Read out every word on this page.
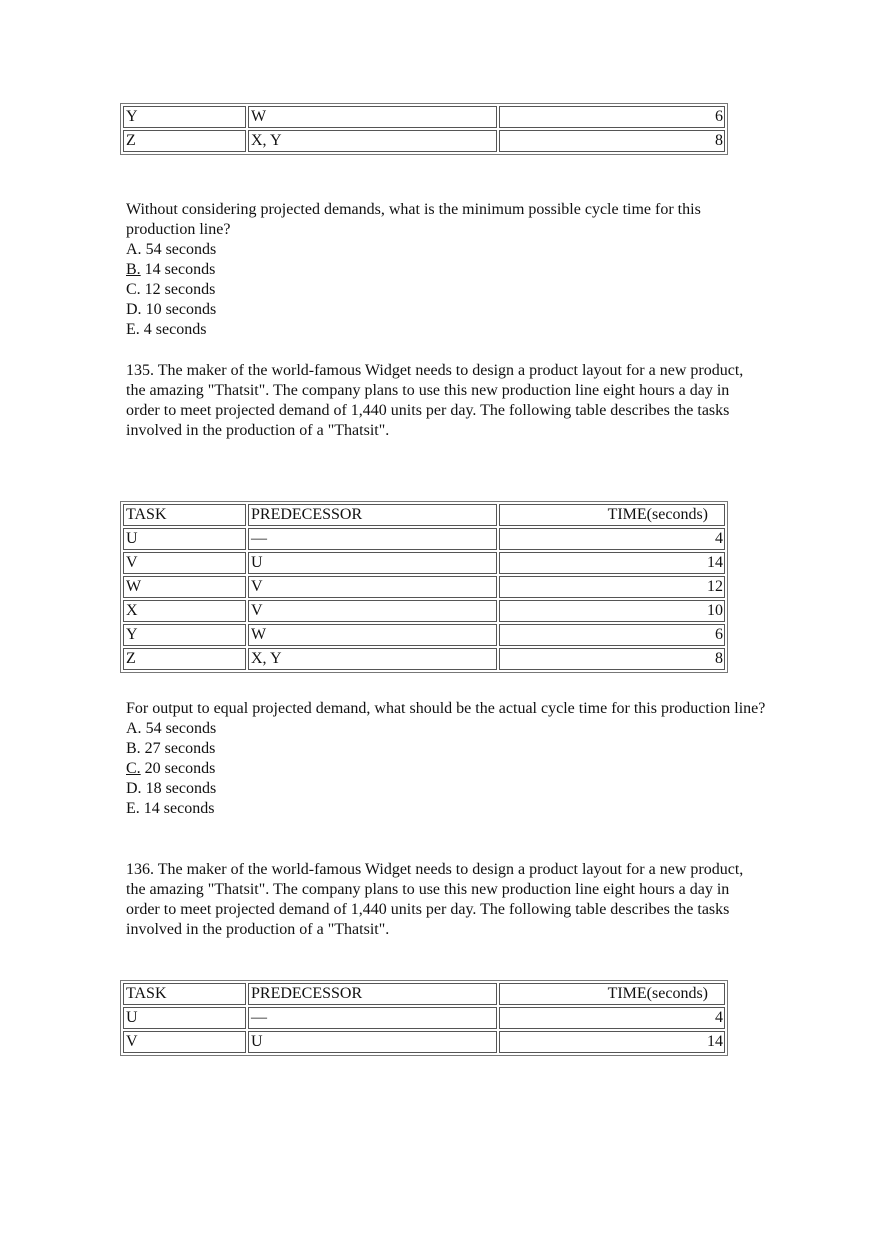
Y	W	6
Z	X, Y	8

Without considering projected demands, what is the minimum possible cycle time for this production line?

A. 54 seconds
B. 14 seconds
C. 12 seconds
D. 10 seconds
E. 4 seconds

135. The maker of the world-famous Widget needs to design a product layout for a new product, the amazing "Thatsit". The company plans to use this new production line eight hours a day in order to meet projected demand of 1,440 units per day. The following table describes the tasks involved in the production of a "Thatsit".

TASK	PREDECESSOR	TIME(seconds)
U	—	4
V	U	14
W	V	12
X	V	10
Y	W	6
Z	X, Y	8

For output to equal projected demand, what should be the actual cycle time for this production line?

A. 54 seconds
B. 27 seconds
C. 20 seconds
D. 18 seconds
E. 14 seconds

136. The maker of the world-famous Widget needs to design a product layout for a new product, the amazing "Thatsit". The company plans to use this new production line eight hours a day in order to meet projected demand of 1,440 units per day. The following table describes the tasks involved in the production of a "Thatsit".

TASK	PREDECESSOR	TIME(seconds)
U	—	4
V	U	14
